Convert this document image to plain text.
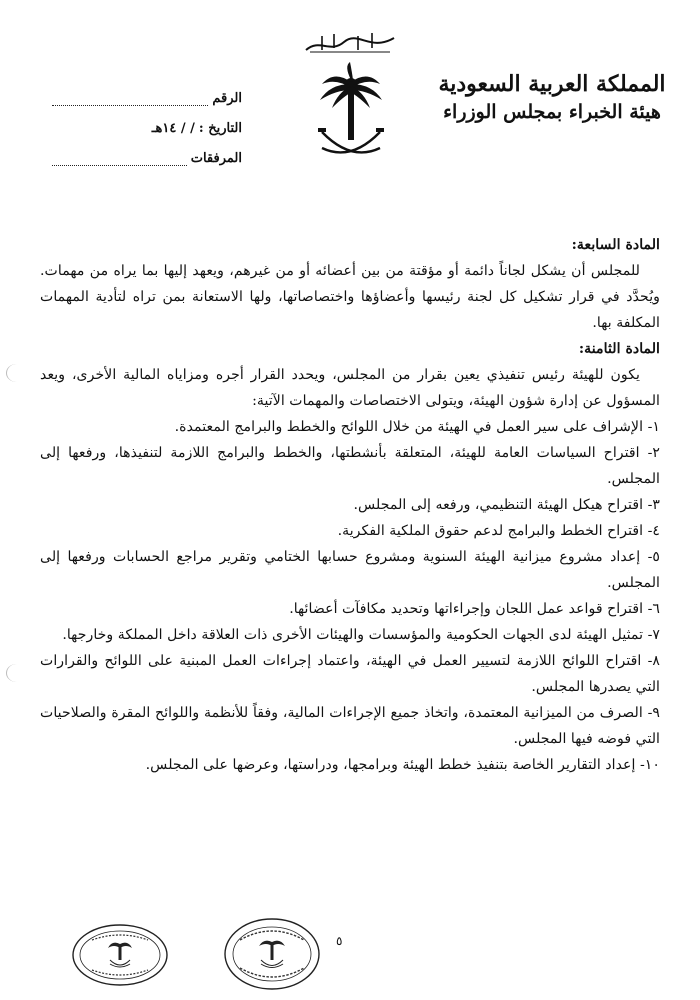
المملكة العربية السعودية
هيئة الخبراء بمجلس الوزراء
الرقم
التاريخ :
/ / ١٤هـ
المرفقات

المادة السابعة:

للمجلس أن يشكل لجاناً دائمة أو مؤقتة من بين أعضائه أو من غيرهم، ويعهد إليها بما يراه من مهمات. ويُحدَّد في قرار تشكيل كل لجنة رئيسها وأعضاؤها واختصاصاتها، ولها الاستعانة بمن تراه لتأدية المهمات المكلفة بها.

المادة الثامنة:

يكون للهيئة رئيس تنفيذي يعين بقرار من المجلس، ويحدد القرار أجره ومزاياه المالية الأخرى، ويعد المسؤول عن إدارة شؤون الهيئة، ويتولى الاختصاصات والمهمات الآتية:

١- الإشراف على سير العمل في الهيئة من خلال اللوائح والخطط والبرامج المعتمدة.

٢- اقتراح السياسات العامة للهيئة، المتعلقة بأنشطتها، والخطط والبرامج اللازمة لتنفيذها، ورفعها إلى المجلس.

٣- اقتراح هيكل الهيئة التنظيمي، ورفعه إلى المجلس.

٤- اقتراح الخطط والبرامج لدعم حقوق الملكية الفكرية.

٥- إعداد مشروع ميزانية الهيئة السنوية ومشروع حسابها الختامي وتقرير مراجع الحسابات ورفعها إلى المجلس.

٦- اقتراح قواعد عمل اللجان وإجراءاتها وتحديد مكافآت أعضائها.

٧- تمثيل الهيئة لدى الجهات الحكومية والمؤسسات والهيئات الأخرى ذات العلاقة داخل المملكة وخارجها.

٨- اقتراح اللوائح اللازمة لتسيير العمل في الهيئة، واعتماد إجراءات العمل المبنية على اللوائح والقرارات التي يصدرها المجلس.

٩- الصرف من الميزانية المعتمدة، واتخاذ جميع الإجراءات المالية، وفقاً للأنظمة واللوائح المقرة والصلاحيات التي فوضه فيها المجلس.

١٠- إعداد التقارير الخاصة بتنفيذ خطط الهيئة وبرامجها، ودراستها، وعرضها على المجلس.

٥
